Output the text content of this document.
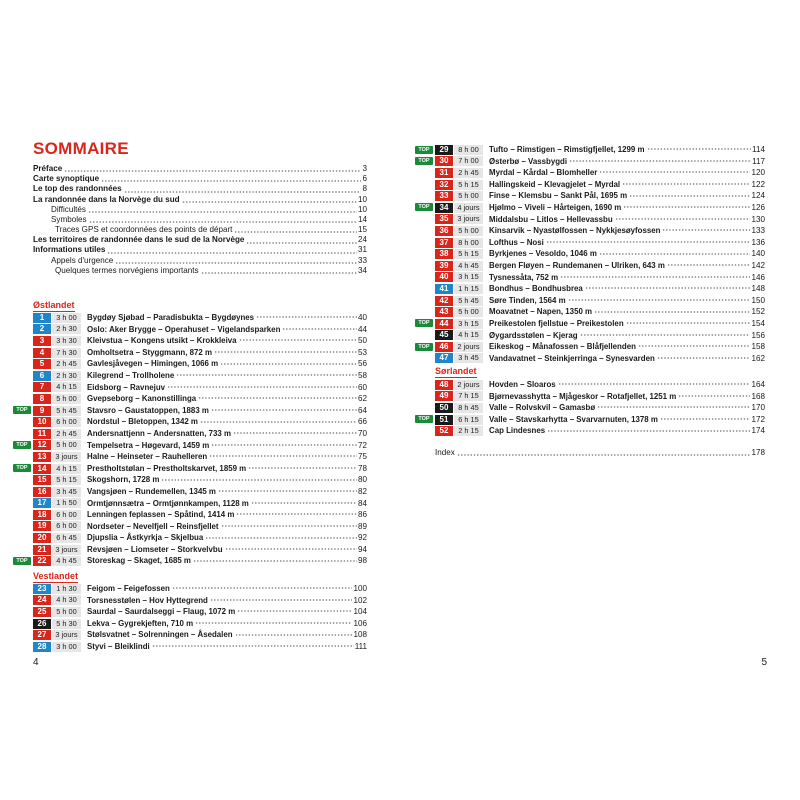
SOMMAIRE
Préface	3
Carte synoptique	6
Le top des randonnées	8
La randonnée dans la Norvège du sud	10
Difficultés	10
Symboles	14
Traces GPS et coordonnées des points de départ	15
Les territoires de randonnée dans le sud de la Norvège	24
Informations utiles	31
Appels d'urgence	33
Quelques termes norvégiens importants	34
Østlandet
1	3 h 00	Bygdøy Sjøbad – Paradisbukta – Bygdøynes	40
2	2 h 30	Oslo: Aker Brygge – Operahuset – Vigelandsparken	44
3	3 h 30	Kleivstua – Kongens utsikt – Krokkleiva	50
4	7 h 30	Omholtsetra – Styggmann, 872 m	53
5	2 h 45	Gavlesjåvegen – Himingen, 1066 m	56
6	2 h 30	Kilegrend – Trollholene	58
7	4 h 15	Eidsborg – Ravnejuv	60
8	5 h 00	Gvepseborg – Kanonstillinga	62
TOP	9	5 h 45	Stavsro – Gaustatoppen, 1883 m	64
10	6 h 00	Nordstul – Bletoppen, 1342 m	66
11	2 h 45	Andersnattjenn – Andersnatten, 733 m	70
TOP	12	5 h 00	Tempelsetra – Høgevard, 1459 m	72
13	3 jours	Halne – Heinseter – Rauhelleren	75
TOP	14	4 h 15	Prestholtstølan – Prestholtskarvet, 1859 m	78
15	5 h 15	Skogshorn, 1728 m	80
16	3 h 45	Vangsjøen – Rundemellen, 1345 m	82
17	1 h 50	Ormtjønnsætra – Ormtjønnkampen, 1128 m	84
18	6 h 00	Lenningen feplassen – Spåtind, 1414 m	86
19	6 h 00	Nordseter – Nevelfjell – Reinsfjellet	89
20	6 h 45	Djupslia – Åstkyrkja – Skjelbua	92
21	3 jours	Revsjøen – Liomseter – Storkvelvbu	94
TOP	22	4 h 45	Storeskag – Skaget, 1685 m	98
Vestlandet
23	1 h 30	Feigom – Feigefossen	100
24	4 h 30	Torsnesstølen – Hov Hyttegrend	102
25	5 h 00	Saurdal – Saurdalseggi – Flaug, 1072 m	104
26	5 h 30	Lekva – Gygrekjeften, 710 m	106
27	3 jours	Stølsvatnet – Solrenningen – Åsedalen	108
28	3 h 00	Styvi – Bleiklindi	111

4

TOP	29	8 h 00	Tufto – Rimstigen – Rimstigfjellet, 1299 m	114
TOP	30	7 h 00	Østerbø – Vassbygdi	117
31	2 h 45	Myrdal – Kårdal – Blomheller	120
32	5 h 15	Hallingskeid – Klevagjelet – Myrdal	122
33	5 h 00	Finse – Klemsbu – Sankt Pål, 1695 m	124
TOP	34	4 jours	Hjølmo – Viveli – Hårteigen, 1690 m	126
35	3 jours	Middalsbu – Litlos – Hellevassbu	130
36	5 h 00	Kinsarvik – Nyastølfossen – Nykkjesøyfossen	133
37	8 h 00	Lofthus – Nosi	136
38	5 h 15	Byrkjenes – Vesoldo, 1046 m	140
39	4 h 45	Bergen Fløyen – Rundemanen – Ulriken, 643 m	142
40	3 h 15	Tysnessåta, 752 m	146
41	1 h 15	Bondhus – Bondhusbrea	148
42	5 h 45	Søre Tinden, 1564 m	150
43	5 h 00	Moavatnet – Napen, 1350 m	152
TOP	44	3 h 15	Preikestolen fjellstue – Preikestolen	154
45	4 h 15	Øygardsstølen – Kjerag	156
TOP	46	2 jours	Eikeskog – Månafossen – Blåfjellenden	158
47	3 h 45	Vandavatnet – Steinkjerringa – Synesvarden	162
Sørlandet
48	2 jours	Hovden – Sloaros	164
49	7 h 15	Bjørnevasshytta – Mjågeskor – Rotafjellet, 1251 m	168
50	8 h 45	Valle – Rolvskvil – Gamasbø	170
TOP	51	6 h 15	Valle – Stavskarhytta – Svarvarnuten, 1378 m	172
52	2 h 15	Cap Lindesnes	174
Index	178

5
